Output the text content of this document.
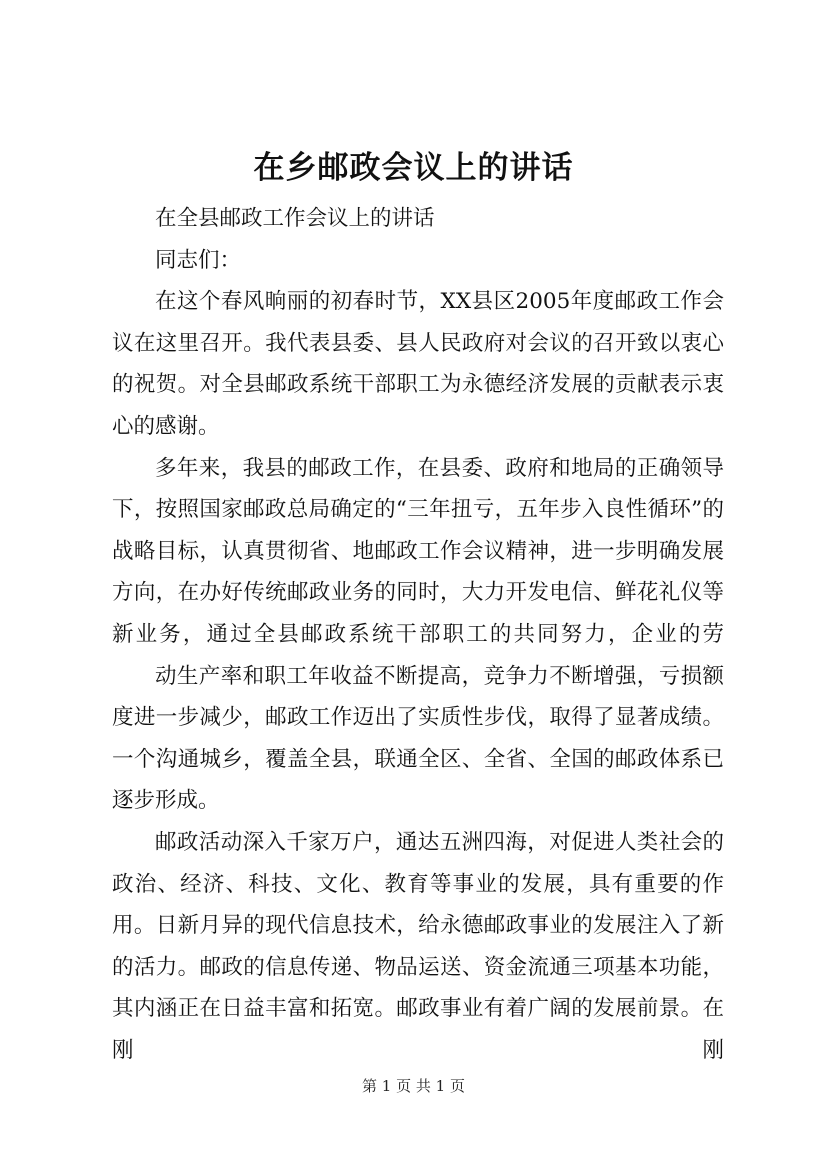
在乡邮政会议上的讲话

在全县邮政工作会议上的讲话

同志们：

在这个春风晌丽的初春时节，XX县区2005年度邮政工作会议在这里召开。我代表县委、县人民政府对会议的召开致以衷心的祝贺。对全县邮政系统干部职工为永德经济发展的贡献表示衷心的感谢。

多年来，我县的邮政工作，在县委、政府和地局的正确领导下，按照国家邮政总局确定的“三年扭亏，五年步入良性循环”的战略目标，认真贯彻省、地邮政工作会议精神，进一步明确发展方向，在办好传统邮政业务的同时，大力开发电信、鲜花礼仪等新业务，通过全县邮政系统干部职工的共同努力，企业的劳

动生产率和职工年收益不断提高，竞争力不断增强，亏损额度进一步减少，邮政工作迈出了实质性步伐，取得了显著成绩。一个沟通城乡，覆盖全县，联通全区、全省、全国的邮政体系已逐步形成。

邮政活动深入千家万户，通达五洲四海，对促进人类社会的政治、经济、科技、文化、教育等事业的发展，具有重要的作用。日新月异的现代信息技术，给永德邮政事业的发展注入了新的活力。邮政的信息传递、物品运送、资金流通三项基本功能，其内涵正在日益丰富和拓宽。邮政事业有着广阔的发展前景。在刚刚

第 1 页 共 1 页
